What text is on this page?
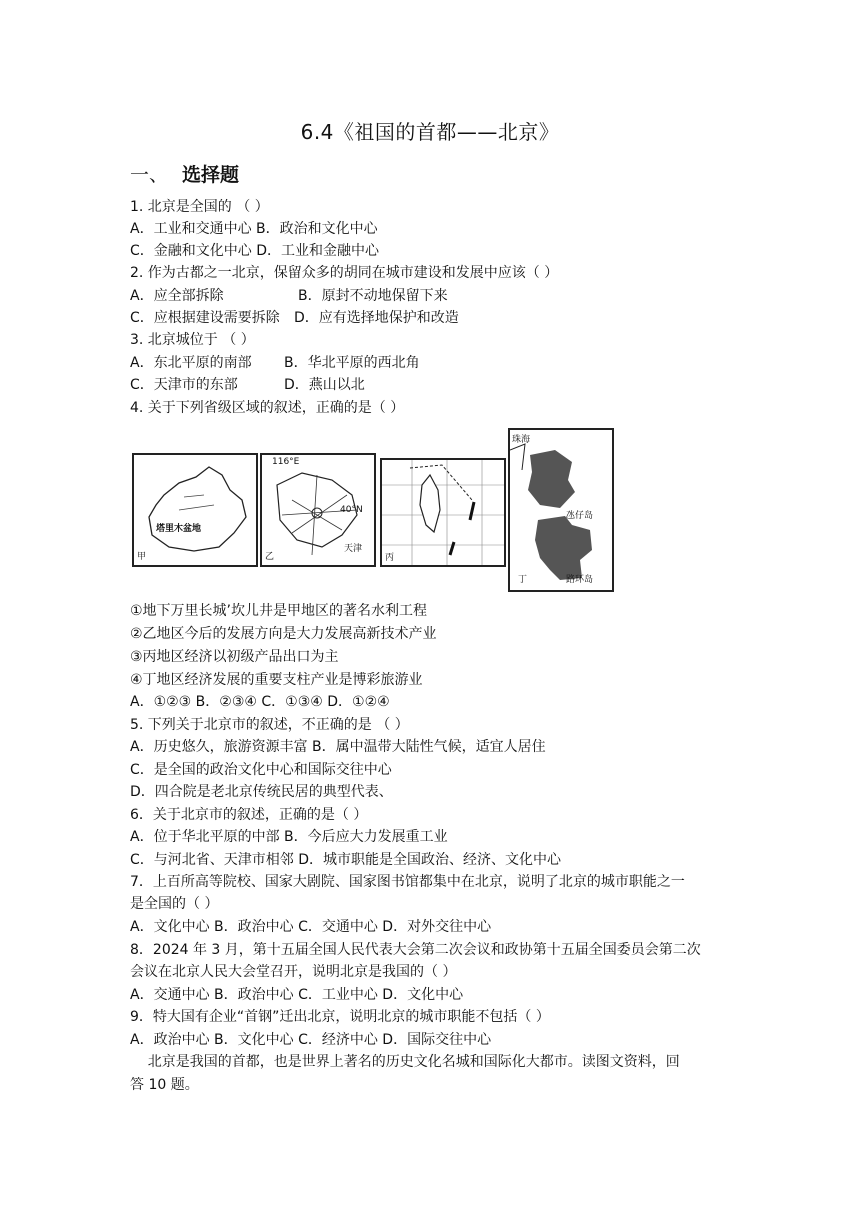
6.4《祖国的首都——北京》
一、 选择题
1. 北京是全国的 （ ）
A．工业和交通中心 B．政治和文化中心
C．金融和文化中心 D．工业和金融中心
2. 作为古都之一北京，保留众多的胡同在城市建设和发展中应该（ ）
A．应全部拆除	B．原封不动地保留下来
C．应根据建设需要拆除 D．应有选择地保护和改造
3. 北京城位于 （ ）
A．东北平原的南部 B．华北平原的西北角
C．天津市的东部	D．燕山以北
4. 关于下列省级区域的叙述，正确的是（ ）
塔里木盆地
甲
116°E
40°N
天津
乙	丙
珠海
氹仔岛
路环岛
丁
①地下万里长城’坎儿井是甲地区的著名水利工程
②乙地区今后的发展方向是大力发展高新技术产业
③丙地区经济以初级产品出口为主
④丁地区经济发展的重要支柱产业是博彩旅游业
A．①②③ B．②③④ C．①③④ D．①②④
5. 下列关于北京市的叙述，不正确的是 （ ）
A．历史悠久，旅游资源丰富 B．属中温带大陆性气候，适宜人居住
C．是全国的政治文化中心和国际交往中心
D．四合院是老北京传统民居的典型代表、
6．关于北京市的叙述，正确的是（ ）
A．位于华北平原的中部 B．今后应大力发展重工业
C．与河北省、天津市相邻 D．城市职能是全国政治、经济、文化中心
7．上百所高等院校、国家大剧院、国家图书馆都集中在北京，说明了北京的城市职能之一
是全国的（ ）
A．文化中心 B．政治中心 C．交通中心 D．对外交往中心
8．2024 年 3 月，第十五届全国人民代表大会第二次会议和政协第十五届全国委员会第二次
会议在北京人民大会堂召开，说明北京是我国的（ ）
A．交通中心 B．政治中心 C．工业中心 D．文化中心
9．特大国有企业“首钢”迁出北京，说明北京的城市职能不包括（ ）
A．政治中心 B．文化中心 C．经济中心 D．国际交往中心
北京是我国的首都，也是世界上著名的历史文化名城和国际化大都市。读图文资料，回
答 10 题。
